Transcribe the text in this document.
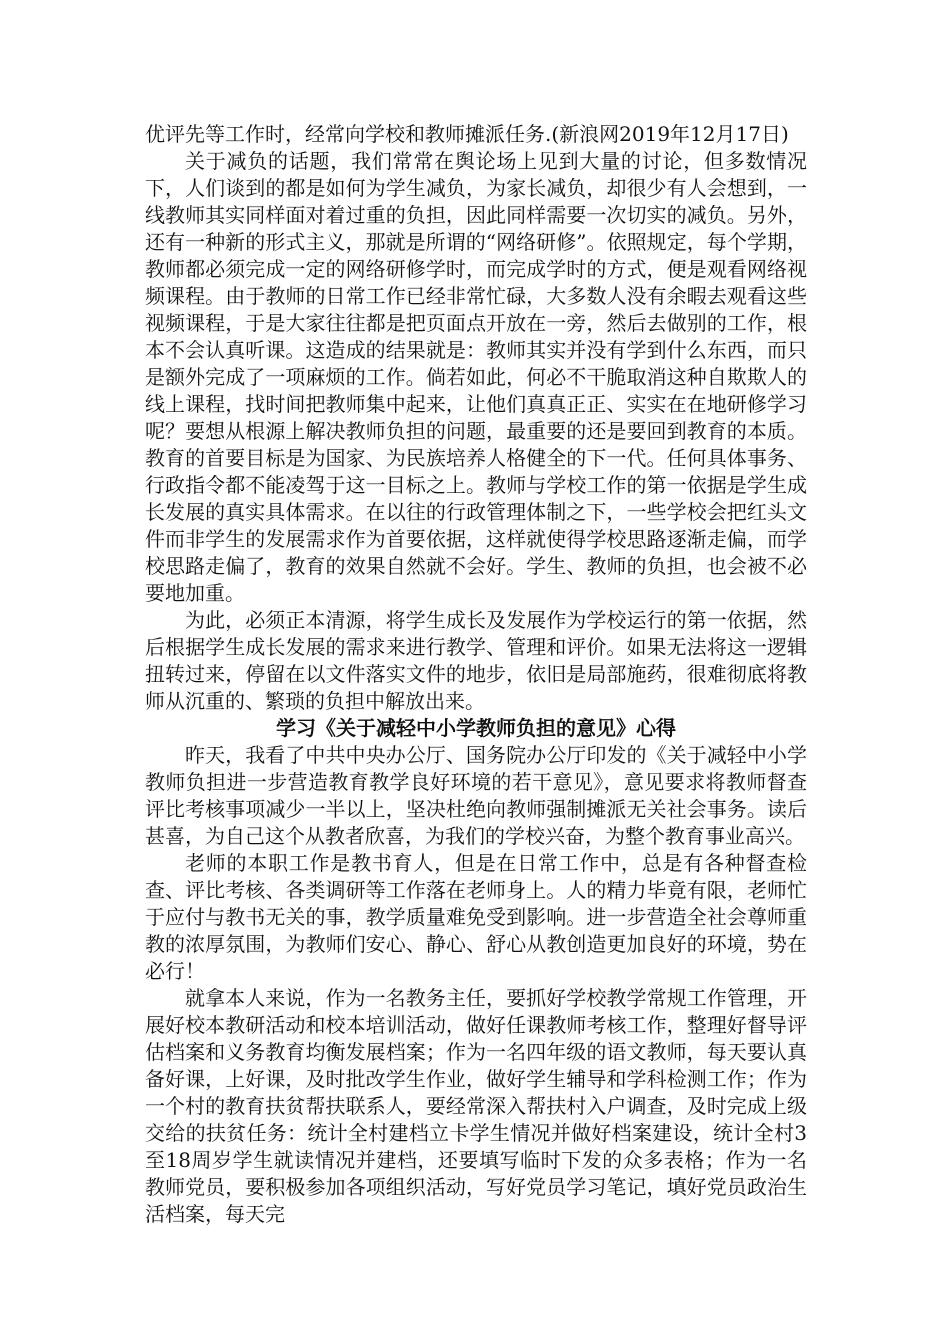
优评先等工作时，经常向学校和教师摊派任务.(新浪网2019年12月17日)

关于减负的话题，我们常常在舆论场上见到大量的讨论，但多数情况下，人们谈到的都是如何为学生减负，为家长减负，却很少有人会想到，一线教师其实同样面对着过重的负担，因此同样需要一次切实的减负。另外，还有一种新的形式主义，那就是所谓的“网络研修”。依照规定，每个学期，教师都必须完成一定的网络研修学时，而完成学时的方式，便是观看网络视频课程。由于教师的日常工作已经非常忙碌，大多数人没有余暇去观看这些视频课程，于是大家往往都是把页面点开放在一旁，然后去做别的工作，根本不会认真听课。这造成的结果就是：教师其实并没有学到什么东西，而只是额外完成了一项麻烦的工作。倘若如此，何必不干脆取消这种自欺欺人的线上课程，找时间把教师集中起来，让他们真真正正、实实在在地研修学习呢？要想从根源上解决教师负担的问题，最重要的还是要回到教育的本质。教育的首要目标是为国家、为民族培养人格健全的下一代。任何具体事务、行政指令都不能凌驾于这一目标之上。教师与学校工作的第一依据是学生成长发展的真实具体需求。在以往的行政管理体制之下，一些学校会把红头文件而非学生的发展需求作为首要依据，这样就使得学校思路逐渐走偏，而学校思路走偏了，教育的效果自然就不会好。学生、教师的负担，也会被不必要地加重。

为此，必须正本清源，将学生成长及发展作为学校运行的第一依据，然后根据学生成长发展的需求来进行教学、管理和评价。如果无法将这一逻辑扭转过来，停留在以文件落实文件的地步，依旧是局部施药，很难彻底将教师从沉重的、繁琐的负担中解放出来。

学习《关于减轻中小学教师负担的意见》心得

昨天，我看了中共中央办公厅、国务院办公厅印发的《关于减轻中小学教师负担进一步营造教育教学良好环境的若干意见》，意见要求将教师督查评比考核事项减少一半以上，坚决杜绝向教师强制摊派无关社会事务。读后甚喜，为自己这个从教者欣喜，为我们的学校兴奋，为整个教育事业高兴。

老师的本职工作是教书育人，但是在日常工作中，总是有各种督查检查、评比考核、各类调研等工作落在老师身上。人的精力毕竟有限，老师忙于应付与教书无关的事，教学质量难免受到影响。进一步营造全社会尊师重教的浓厚氛围，为教师们安心、静心、舒心从教创造更加良好的环境，势在必行！

就拿本人来说，作为一名教务主任，要抓好学校教学常规工作管理，开展好校本教研活动和校本培训活动，做好任课教师考核工作，整理好督导评估档案和义务教育均衡发展档案；作为一名四年级的语文教师，每天要认真备好课，上好课，及时批改学生作业，做好学生辅导和学科检测工作；作为一个村的教育扶贫帮扶联系人，要经常深入帮扶村入户调查，及时完成上级交给的扶贫任务：统计全村建档立卡学生情况并做好档案建设，统计全村3至18周岁学生就读情况并建档，还要填写临时下发的众多表格；作为一名教师党员，要积极参加各项组织活动，写好党员学习笔记，填好党员政治生活档案，每天完
